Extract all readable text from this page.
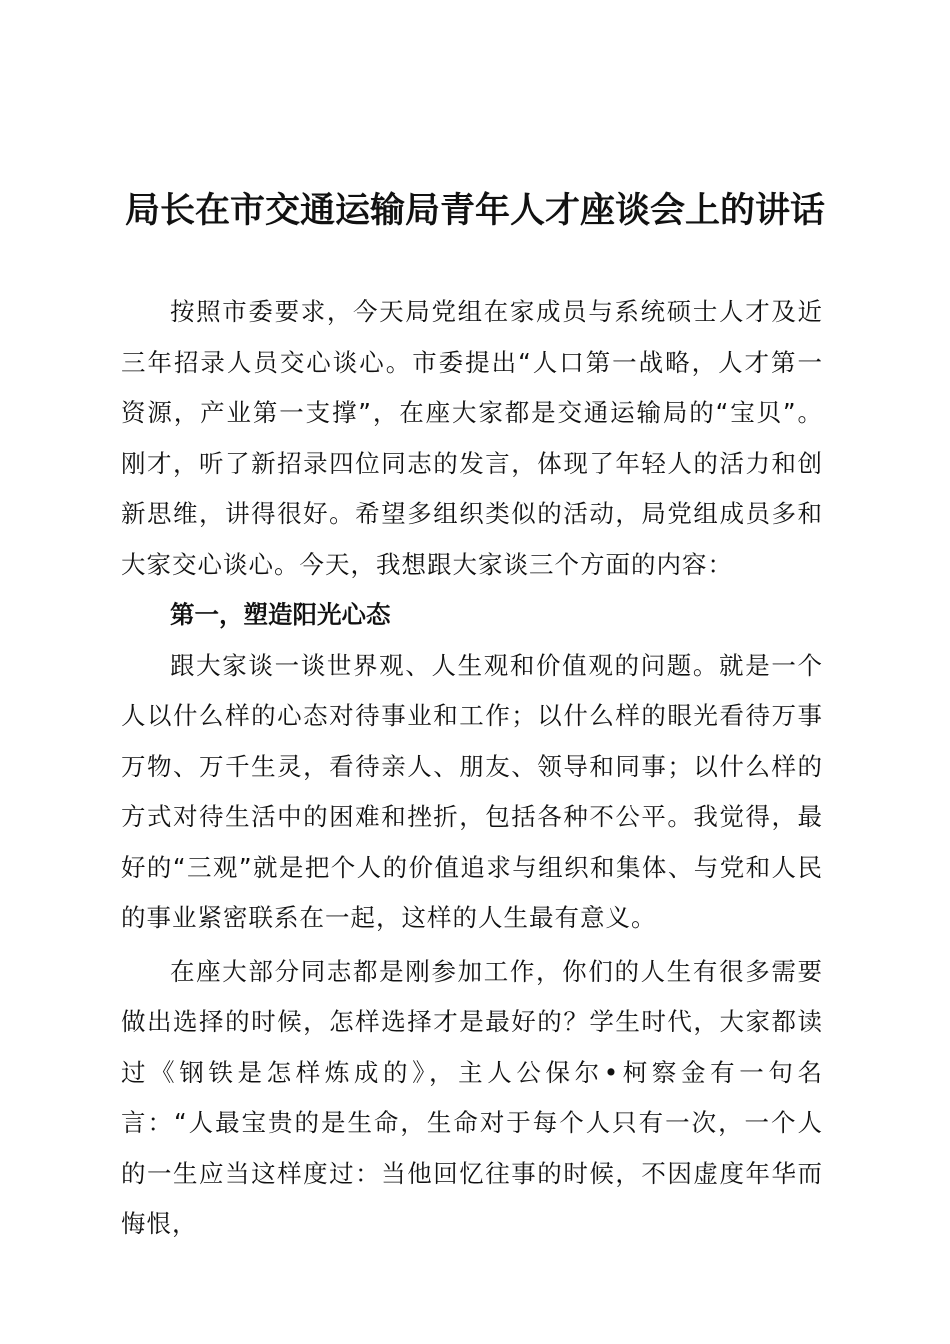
局长在市交通运输局青年人才座谈会上的讲话

按照市委要求，今天局党组在家成员与系统硕士人才及近三年招录人员交心谈心。市委提出“人口第一战略，人才第一资源，产业第一支撑”，在座大家都是交通运输局的“宝贝”。刚才，听了新招录四位同志的发言，体现了年轻人的活力和创新思维，讲得很好。希望多组织类似的活动，局党组成员多和大家交心谈心。今天，我想跟大家谈三个方面的内容：

第一，塑造阳光心态

跟大家谈一谈世界观、人生观和价值观的问题。就是一个人以什么样的心态对待事业和工作；以什么样的眼光看待万事万物、万千生灵，看待亲人、朋友、领导和同事；以什么样的方式对待生活中的困难和挫折，包括各种不公平。我觉得，最好的“三观”就是把个人的价值追求与组织和集体、与党和人民的事业紧密联系在一起，这样的人生最有意义。

在座大部分同志都是刚参加工作，你们的人生有很多需要做出选择的时候，怎样选择才是最好的？学生时代，大家都读过《钢铁是怎样炼成的》，主人公保尔•柯察金有一句名言：“人最宝贵的是生命，生命对于每个人只有一次，一个人的一生应当这样度过：当他回忆往事的时候，不因虚度年华而悔恨，
